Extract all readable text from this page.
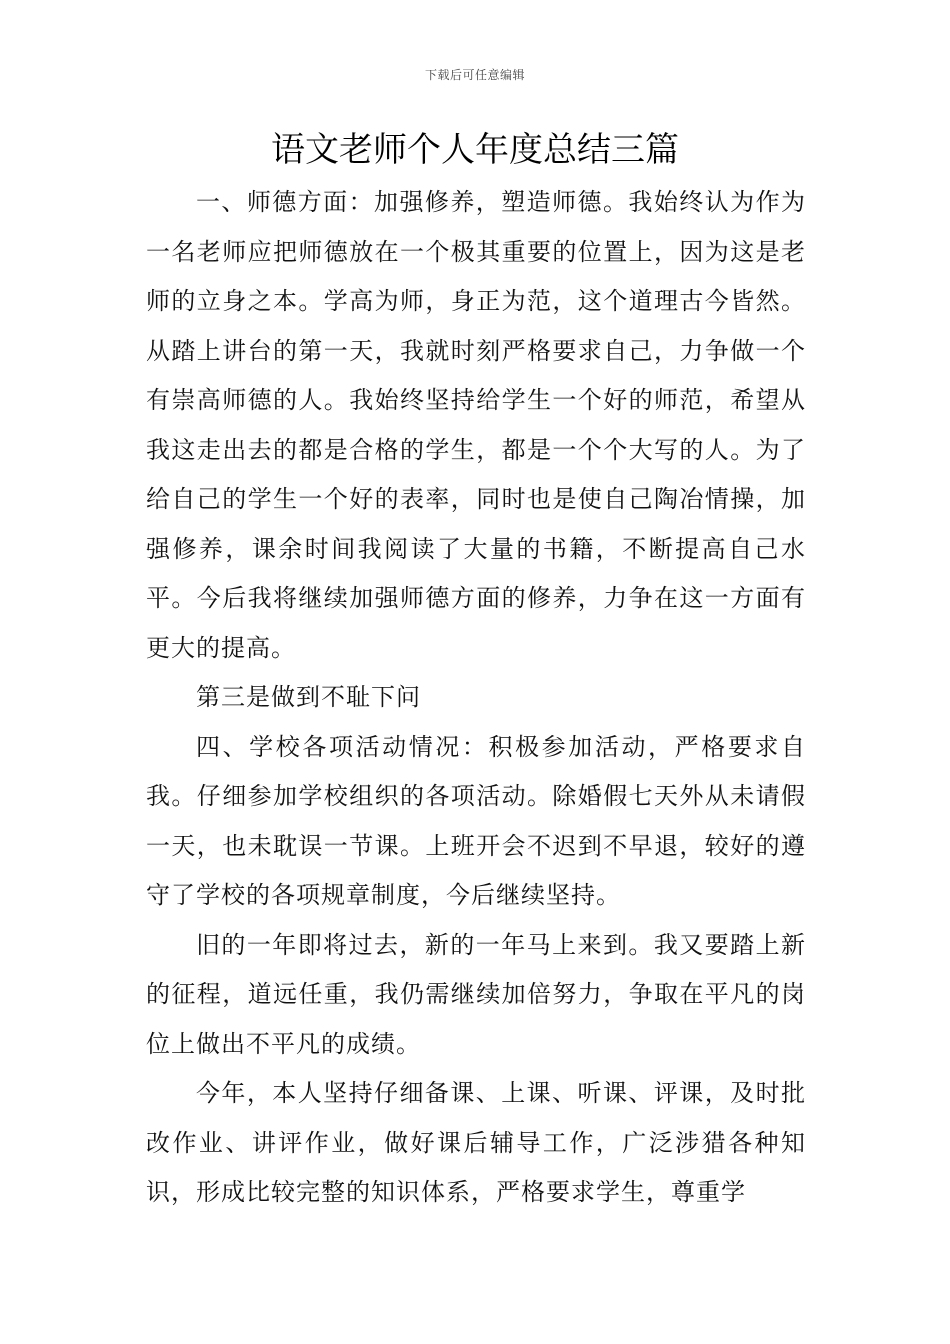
下载后可任意编辑
语文老师个人年度总结三篇

一、师德方面：加强修养，塑造师德。我始终认为作为一名老师应把师德放在一个极其重要的位置上，因为这是老师的立身之本。学高为师，身正为范，这个道理古今皆然。从踏上讲台的第一天，我就时刻严格要求自己，力争做一个有崇高师德的人。我始终坚持给学生一个好的师范，希望从我这走出去的都是合格的学生，都是一个个大写的人。为了给自己的学生一个好的表率，同时也是使自己陶冶情操，加强修养，课余时间我阅读了大量的书籍，不断提高自己水平。今后我将继续加强师德方面的修养，力争在这一方面有更大的提高。

第三是做到不耻下问

四、学校各项活动情况：积极参加活动，严格要求自我。仔细参加学校组织的各项活动。除婚假七天外从未请假一天，也未耽误一节课。上班开会不迟到不早退，较好的遵守了学校的各项规章制度，今后继续坚持。

旧的一年即将过去，新的一年马上来到。我又要踏上新的征程，道远任重，我仍需继续加倍努力，争取在平凡的岗位上做出不平凡的成绩。

今年，本人坚持仔细备课、上课、听课、评课，及时批改作业、讲评作业，做好课后辅导工作，广泛涉猎各种知识，形成比较完整的知识体系，严格要求学生，尊重学
